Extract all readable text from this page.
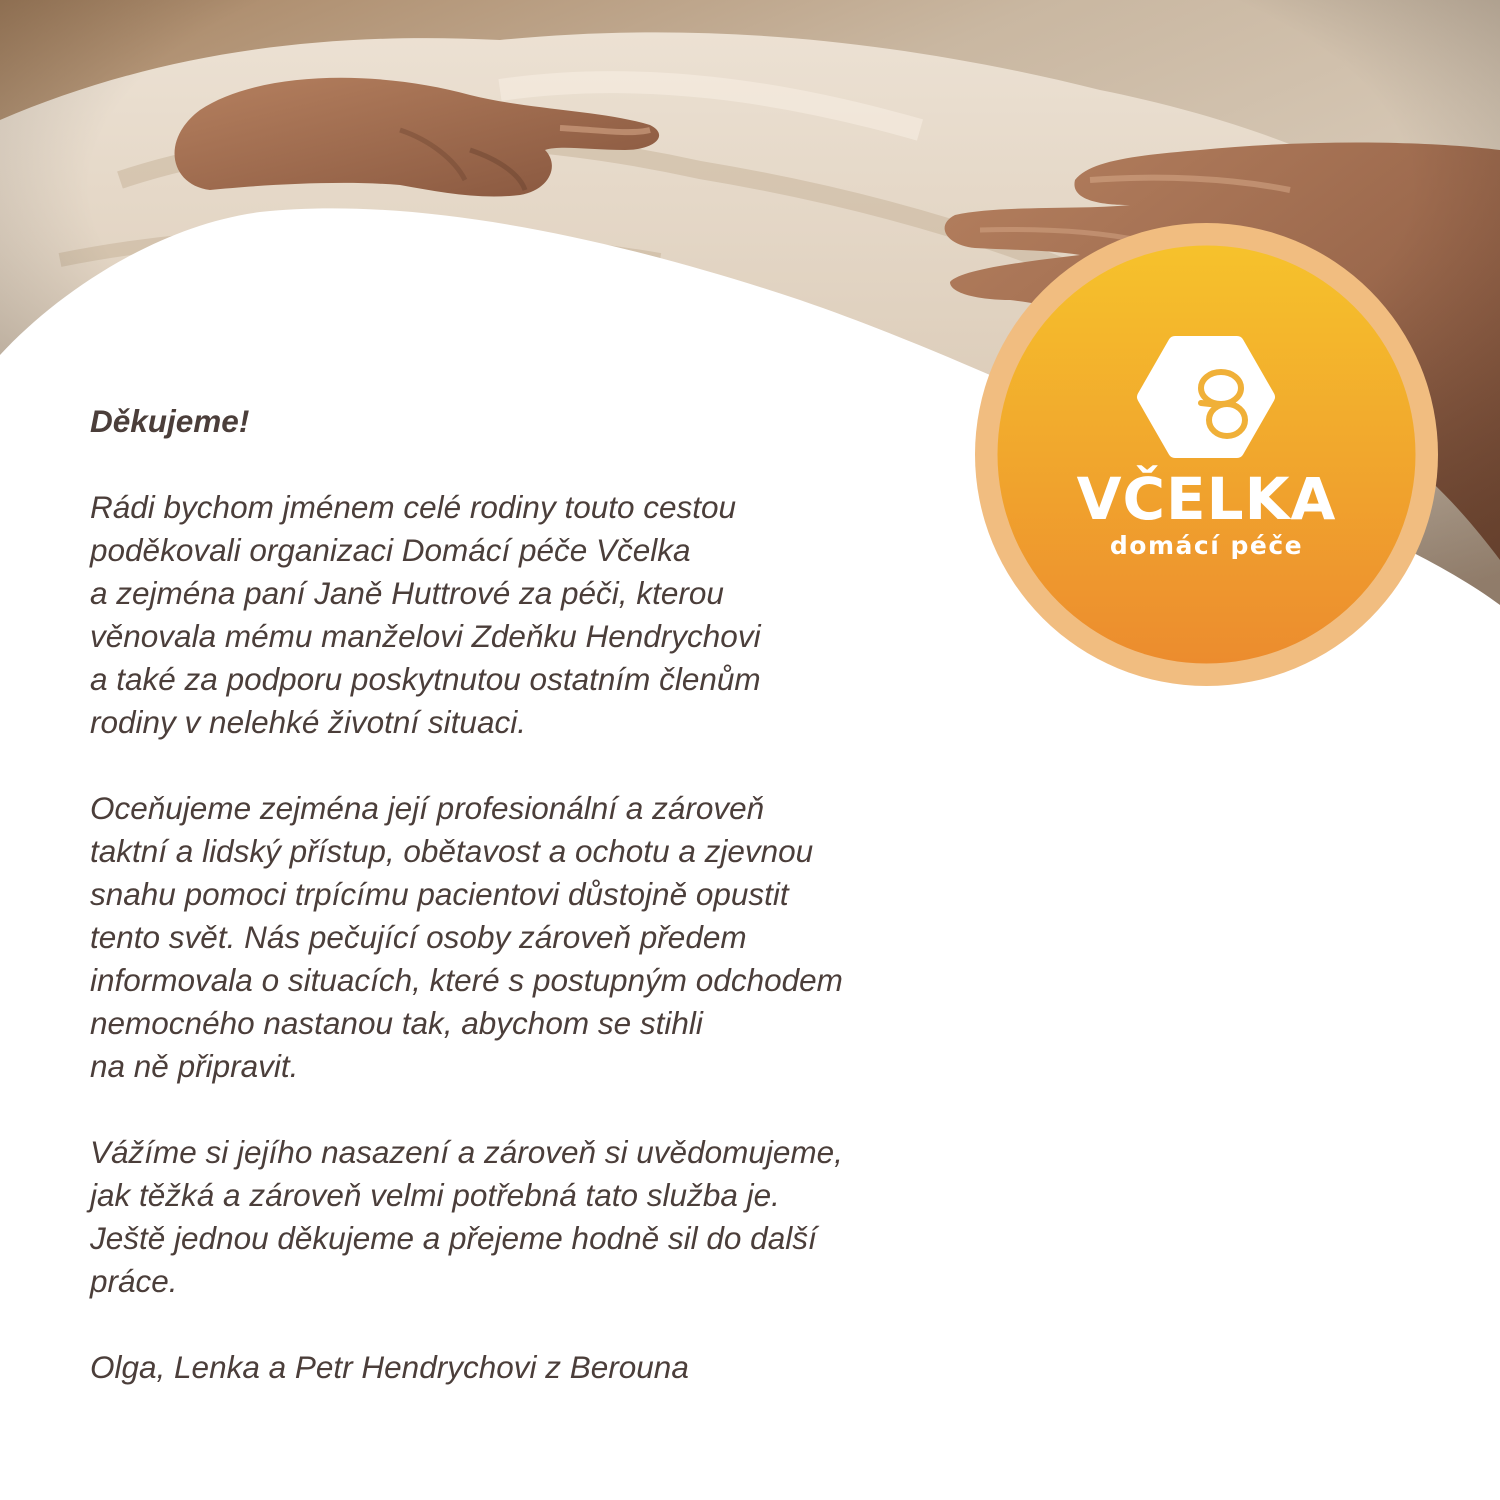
Děkujeme!
Rádi bychom jménem celé rodiny touto cestou
poděkovali organizaci Domácí péče Včelka
a zejména paní Janě Huttrové za péči, kterou
věnovala mému manželovi Zdeňku Hendrychovi
a také za podporu poskytnutou ostatním členům
rodiny v nelehké životní situaci.
Oceňujeme zejména její profesionální a zároveň
taktní a lidský přístup, obětavost a ochotu a zjevnou
snahu pomoci trpícímu pacientovi důstojně opustit
tento svět. Nás pečující osoby zároveň předem
informovala o situacích, které s postupným odchodem
nemocného nastanou tak, abychom se stihli
na ně připravit.
Vážíme si jejího nasazení a zároveň si uvědomujeme,
jak těžká a zároveň velmi potřebná tato služba je.
Ještě jednou děkujeme a přejeme hodně sil do další
práce.
Olga, Lenka a Petr Hendrychovi z Berouna
VČELKA
domácí péče
